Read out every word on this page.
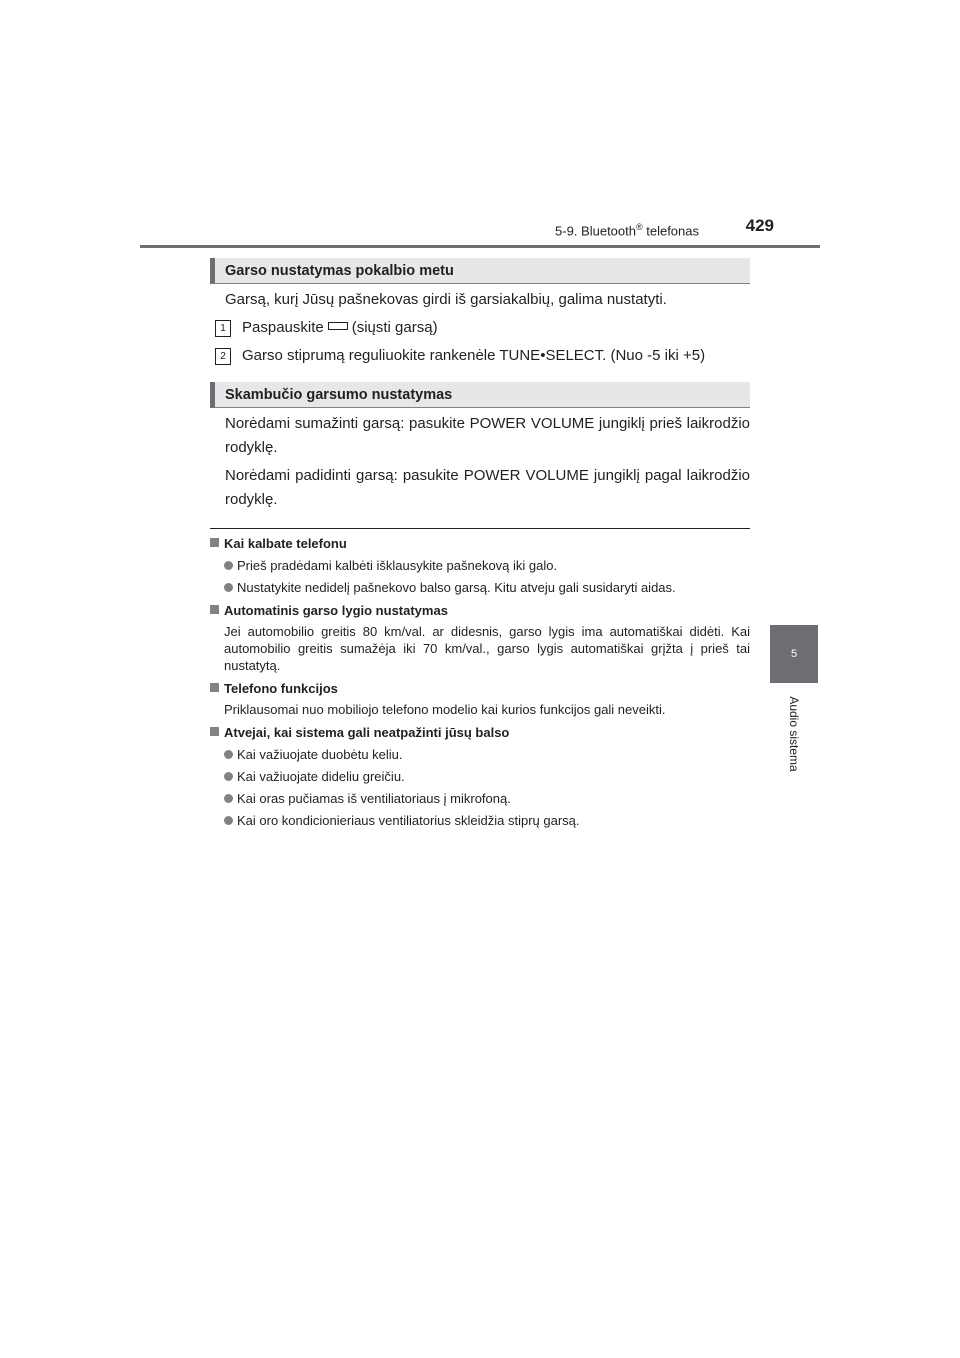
5-9. Bluetooth® telefonas	429
5
Audio sistema
Garso nustatymas pokalbio metu

Garsą, kurį Jūsų pašnekovas girdi iš garsiakalbių, galima nustatyti.

1	Paspauskite (siųsti garsą)
2	Garso stiprumą reguliuokite rankenėle TUNE•SELECT. (Nuo -5 iki +5)
Skambučio garsumo nustatymas

Norėdami sumažinti garsą: pasukite POWER VOLUME jungiklį prieš laikrodžio rodyklę.

Norėdami padidinti garsą: pasukite POWER VOLUME jungiklį pagal laikrodžio rodyklę.

Kai kalbate telefonu
Prieš pradėdami kalbėti išklausykite pašnekovą iki galo.
Nustatykite nedidelį pašnekovo balso garsą. Kitu atveju gali susidaryti aidas.
Automatinis garso lygio nustatymas
Jei automobilio greitis 80 km/val. ar didesnis, garso lygis ima automatiškai didėti. Kai automobilio greitis sumažėja iki 70 km/val., garso lygis automatiškai grįžta į prieš tai nustatytą.
Telefono funkcijos
Priklausomai nuo mobiliojo telefono modelio kai kurios funkcijos gali neveikti.
Atvejai, kai sistema gali neatpažinti jūsų balso
Kai važiuojate duobėtu keliu.
Kai važiuojate dideliu greičiu.
Kai oras pučiamas iš ventiliatoriaus į mikrofoną.
Kai oro kondicionieriaus ventiliatorius skleidžia stiprų garsą.
